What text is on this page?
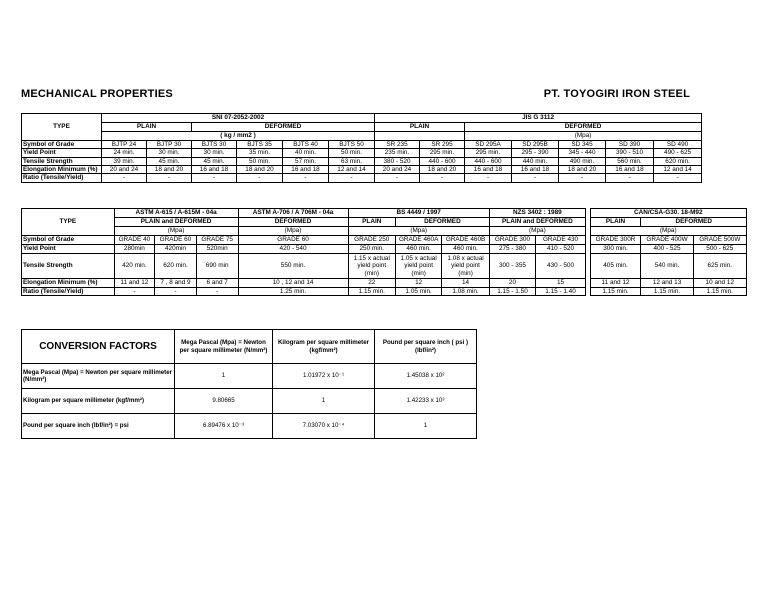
MECHANICAL PROPERTIES	PT. TOYOGIRI IRON STEEL
TYPE	SNI 07-2052-2002						JIS G 3112						
	PLAIN		DEFORMED				PLAIN		DEFORMED				
	( kg / mm2 )								(Mpa)				
Symbol of Grade	BJTP 24	BJTP 30	BJTS 30	BJTS 35	BJTS 40	BJTS 50	SR 235	SR 295	SD 295A	SD 295B	SD 345	SD 390	SD 490
Yield Point	24 min.	30 min.	30 min.	35 min.	40 min.	50 min.	235 min.	295 min.	295 min.	295 - 390	345 - 440	390 - 510	490 - 625
Tensile Strength	39 min.	45 min.	45 min.	50 min.	57 min.	63 min.	380 - 520	440 - 600	440 - 600	440 min.	490 min.	560 min.	620 min.
Elongation Minimum (%)	20 and 24	18 and 20	16 and 18	18 and 20	16 and 18	12 and 14	20 and 24	18 and 20	16 and 18	16 and 18	18 and 20	16 and 18	12 and 14
Ratio (Tensile/Yield)	-	-	-	-	-	-	-	-	-	-	-	-	-
TYPE	ASTM A-615 / A-615M - 04a			ASTM A-706 / A 706M - 04a	BS 4449 / 1997			NZS 3402 : 1989			CAN/CSA-G30. 18-M92		
	PLAIN and DEFORMED			DEFORMED	PLAIN	DEFORMED		PLAIN and DEFORMED			PLAIN	DEFORMED	
	(Mpa)			(Mpa)	(Mpa)			(Mpa)			(Mpa)		
Symbol of Grade	GRADE 40	GRADE 60	GRADE 75	GRADE 60	GRADE 250	GRADE 460A	GRADE 460B	GRADE 300	GRADE 430		GRADE 300R	GRADE 400W	GRADE 500W
Yield Point	280min	420min	520min	420 - 540	250 min.	460 min.	460 min.	275 - 380	410 - 520		300 min.	400 - 525	500 - 625
Tensile Strength	420 min.	620 min.	690 min	550 min.	1.15 x actual yield point (min)	1.05 x actual yield point (min)	1.08 x actual yield point (min)	300 - 355	430 - 500		405 min.	540 min.	625 min.
Elongation Minimum (%)	11 and 12	7 , 8 and 9	6 and 7	10 , 12 and 14	22	12	14	20	15		11 and 12	12 and 13	10 and 12
Ratio (Tensile/Yield)	-	-	-	1.25 min.	1.15 min.	1.05 min.	1.08 min.	1.15 - 1.50	1.15 - 1.40		1.15 min.	1.15 min.	1.15 min.
CONVERSION FACTORS	Mega Pascal (Mpa) = Newton per square millimeter (N/mm²)	Kilogram per square millimeter (kgf/mm²)	Pound per square inch ( psi ) (lbf/in²)
Mega Pascal (Mpa) = Newton per square millimeter (N/mm²)	1	1.01972 x 10⁻¹	1.45038 x 10²
Kilogram per square millimeter (kgf/mm²)	9.80665	1	1.42233 x 10³
Pound per square inch (lbf/in²) = psi	6.89476 x 10⁻³	7.03070 x 10⁻⁴	1
